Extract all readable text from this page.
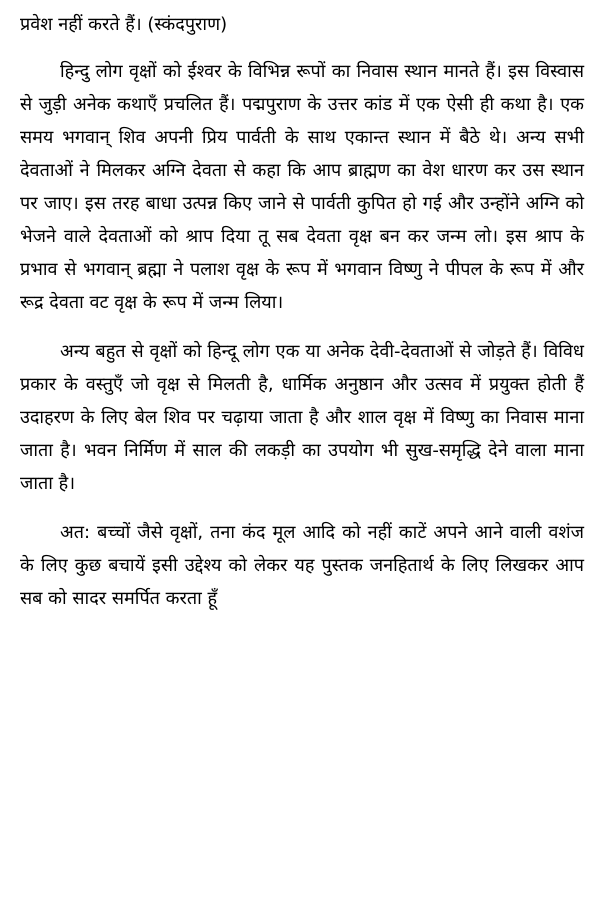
प्रवेश नहीं करते हैं। (स्कंदपुराण)

हिन्दु लोग वृक्षों को ईश्वर के विभिन्न रूपों का निवास स्थान मानते हैं। इस विस्वास से जुड़ी अनेक कथाएँ प्रचलित हैं। पद्मपुराण के उत्तर कांड में एक ऐसी ही कथा है। एक समय भगवान् शिव अपनी प्रिय पार्वती के साथ एकान्त स्थान में बैठे थे। अन्य सभी देवताओं ने मिलकर अग्नि देवता से कहा कि आप ब्राह्मण का वेश धारण कर उस स्थान पर जाए। इस तरह बाधा उत्पन्न किए जाने से पार्वती कुपित हो गई और उन्होंने अग्नि को भेजने वाले देवताओं को श्राप दिया तू सब देवता वृक्ष बन कर जन्म लो। इस श्राप के प्रभाव से भगवान् ब्रह्मा ने पलाश वृक्ष के रूप में भगवान विष्णु ने पीपल के रूप में और रूद्र देवता वट वृक्ष के रूप में जन्म लिया।

अन्य बहुत से वृक्षों को हिन्दू लोग एक या अनेक देवी-देवताओं से जोड़ते हैं। विविध प्रकार के वस्तुएँ जो वृक्ष से मिलती है, धार्मिक अनुष्ठान और उत्सव में प्रयुक्त होती हैं उदाहरण के लिए बेल शिव पर चढ़ाया जाता है और शाल वृक्ष में विष्णु का निवास माना जाता है। भवन निर्मिण में साल की लकड़ी का उपयोग भी सुख-समृद्धि देने वाला माना जाता है।

अत: बच्चों जैसे वृक्षों, तना कंद मूल आदि को नहीं काटें अपने आने वाली वशंज के लिए कुछ बचायें इसी उद्देश्य को लेकर यह पुस्तक जनहितार्थ के लिए लिखकर आप सब को सादर समर्पित करता हूँ
